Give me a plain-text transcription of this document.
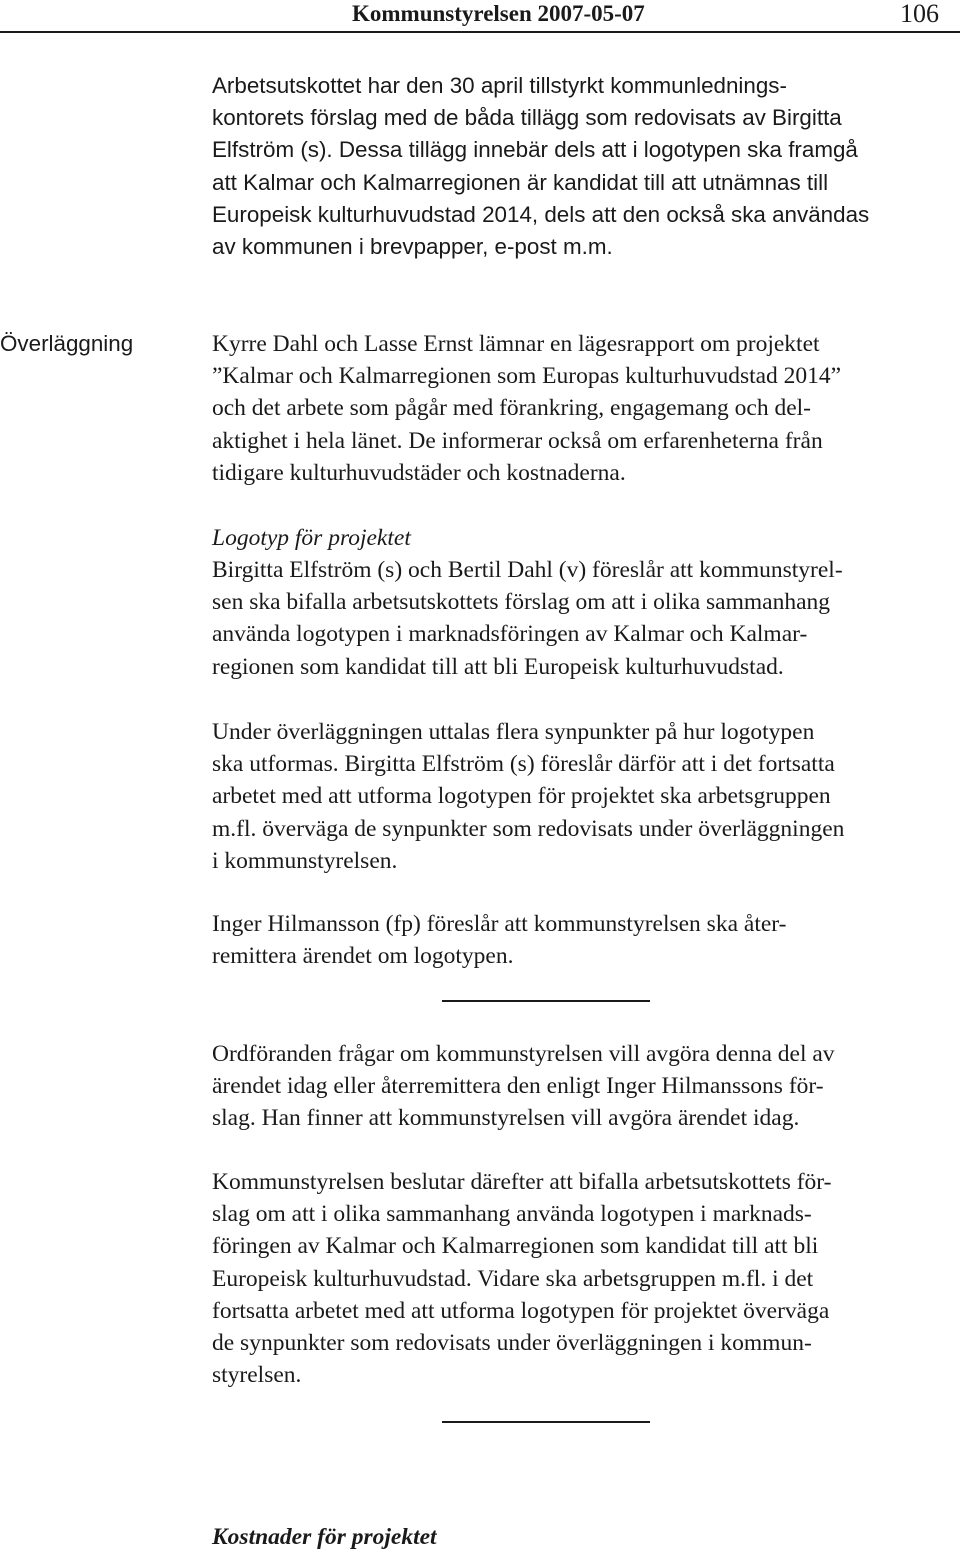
Kommunstyrelsen 2007-05-07	106
Arbetsutskottet har den 30 april tillstyrkt kommunlednings-
kontorets förslag med de båda tillägg som redovisats av Birgitta
Elfström (s). Dessa tillägg innebär dels att i logotypen ska framgå
att Kalmar och Kalmarregionen är kandidat till att utnämnas till
Europeisk kulturhuvudstad 2014, dels att den också ska användas
av kommunen i brevpapper, e-post m.m.
Överläggning	Kyrre Dahl och Lasse Ernst lämnar en lägesrapport om projektet
”Kalmar och Kalmarregionen som Europas kulturhuvudstad 2014”
och det arbete som pågår med förankring, engagemang och del-
aktighet i hela länet. De informerar också om erfarenheterna från
tidigare kulturhuvudstäder och kostnaderna.
Logotyp för projektet
Birgitta Elfström (s) och Bertil Dahl (v) föreslår att kommunstyrel-
sen ska bifalla arbetsutskottets förslag om att i olika sammanhang
använda logotypen i marknadsföringen av Kalmar och Kalmar-
regionen som kandidat till att bli Europeisk kulturhuvudstad.
Under överläggningen uttalas flera synpunkter på hur logotypen
ska utformas. Birgitta Elfström (s) föreslår därför att i det fortsatta
arbetet med att utforma logotypen för projektet ska arbetsgruppen
m.fl. överväga de synpunkter som redovisats under överläggningen
i kommunstyrelsen.
Inger Hilmansson (fp) föreslår att kommunstyrelsen ska åter-
remittera ärendet om logotypen.
Ordföranden frågar om kommunstyrelsen vill avgöra denna del av
ärendet idag eller återremittera den enligt Inger Hilmanssons för-
slag. Han finner att kommunstyrelsen vill avgöra ärendet idag.
Kommunstyrelsen beslutar därefter att bifalla arbetsutskottets för-
slag om att i olika sammanhang använda logotypen i marknads-
föringen av Kalmar och Kalmarregionen som kandidat till att bli
Europeisk kulturhuvudstad. Vidare ska arbetsgruppen m.fl. i det
fortsatta arbetet med att utforma logotypen för projektet överväga
de synpunkter som redovisats under överläggningen i kommun-
styrelsen.
Kostnader för projektet
